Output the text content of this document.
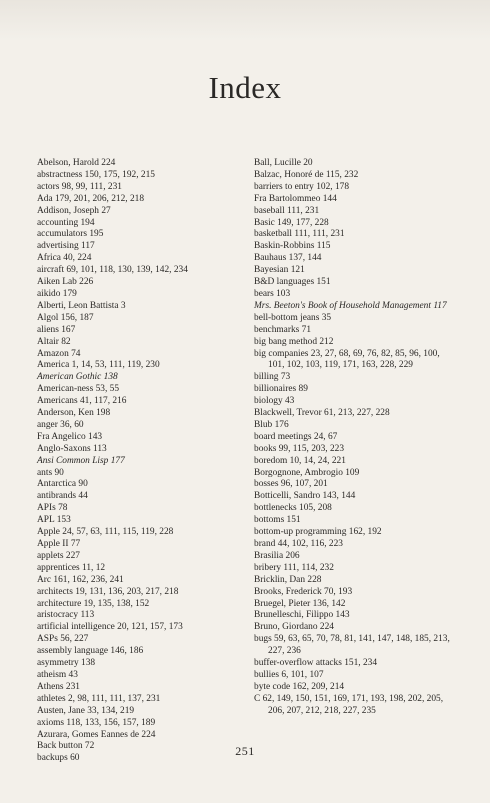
Index
Abelson, Harold 224
abstractness 150, 175, 192, 215
actors 98, 99, 111, 231
Ada 179, 201, 206, 212, 218
Addison, Joseph 27
accounting 194
accumulators 195
advertising 117
Africa 40, 224
aircraft 69, 101, 118, 130, 139, 142, 234
Aiken Lab 226
aikido 179
Alberti, Leon Battista 3
Algol 156, 187
aliens 167
Altair 82
Amazon 74
America 1, 14, 53, 111, 119, 230
American Gothic 138
American-ness 53, 55
Americans 41, 117, 216
Anderson, Ken 198
anger 36, 60
Fra Angelico 143
Anglo-Saxons 113
Ansi Common Lisp 177
ants 90
Antarctica 90
antibrands 44
APIs 78
APL 153
Apple 24, 57, 63, 111, 115, 119, 228
Apple II 77
applets 227
apprentices 11, 12
Arc 161, 162, 236, 241
architects 19, 131, 136, 203, 217, 218
architecture 19, 135, 138, 152
aristocracy 113
artificial intelligence 20, 121, 157, 173
ASPs 56, 227
assembly language 146, 186
asymmetry 138
atheism 43
Athens 231
athletes 2, 98, 111, 111, 137, 231
Austen, Jane 33, 134, 219
axioms 118, 133, 156, 157, 189
Azurara, Gomes Eannes de 224
Back button 72
backups 60
Ball, Lucille 20
Balzac, Honoré de 115, 232
barriers to entry 102, 178
Fra Bartolommeo 144
baseball 111, 231
Basic 149, 177, 228
basketball 111, 111, 231
Baskin-Robbins 115
Bauhaus 137, 144
Bayesian 121
B&D languages 151
bears 103
Mrs. Beeton's Book of Household Management 117
bell-bottom jeans 35
benchmarks 71
big bang method 212
big companies 23, 27, 68, 69, 76, 82, 85, 96, 100, 101, 102, 103, 119, 171, 163, 228, 229
billing 73
billionaires 89
biology 43
Blackwell, Trevor 61, 213, 227, 228
Blub 176
board meetings 24, 67
books 99, 115, 203, 223
boredom 10, 14, 24, 221
Borgognone, Ambrogio 109
bosses 96, 107, 201
Botticelli, Sandro 143, 144
bottlenecks 105, 208
bottoms 151
bottom-up programming 162, 192
brand 44, 102, 116, 223
Brasilia 206
bribery 111, 114, 232
Bricklin, Dan 228
Brooks, Frederick 70, 193
Bruegel, Pieter 136, 142
Brunelleschi, Filippo 143
Bruno, Giordano 224
bugs 59, 63, 65, 70, 78, 81, 141, 147, 148, 185, 213, 227, 236
buffer-overflow attacks 151, 234
bullies 6, 101, 107
byte code 162, 209, 214
C 62, 149, 150, 151, 169, 171, 193, 198, 202, 205, 206, 207, 212, 218, 227, 235
251
